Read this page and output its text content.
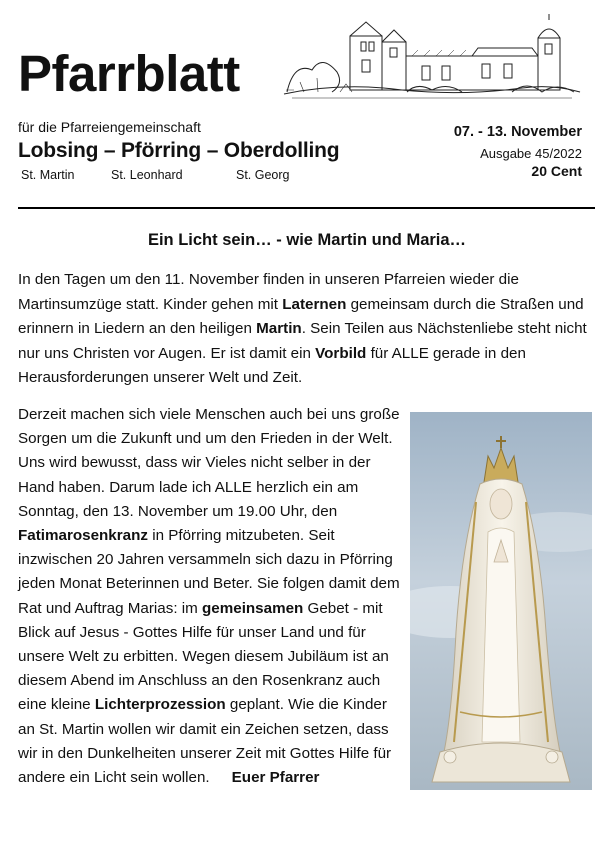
Pfarrblatt
für die Pfarreiengemeinschaft
Lobsing – Pförring – Oberdolling
St. Martin	St. Leonhard	St. Georg
07. - 13. November
Ausgabe 45/2022
20 Cent
Ein Licht sein… - wie Martin und Maria…

In den Tagen um den 11. November finden in unseren Pfarreien wieder die Martinsumzüge statt. Kinder gehen mit Laternen gemeinsam durch die Straßen und erinnern in Liedern an den heiligen Martin. Sein Teilen aus Nächstenliebe steht nicht nur uns Christen vor Augen. Er ist damit ein Vorbild für ALLE gerade in den Herausforderungen unserer Welt und Zeit.

Derzeit machen sich viele Menschen auch bei uns große Sorgen um die Zukunft und um den Frieden in der Welt. Uns wird bewusst, dass wir Vieles nicht selber in der Hand haben. Darum lade ich ALLE herzlich ein am Sonntag, den 13. November um 19.00 Uhr, den Fatimarosenkranz in Pförring mitzubeten. Seit inzwischen 20 Jahren versammeln sich dazu in Pförring jeden Monat Beterinnen und Beter. Sie folgen damit dem Rat und Auftrag Marias: im gemeinsamen Gebet - mit Blick auf Jesus - Gottes Hilfe für unser Land und für unsere Welt zu erbitten. Wegen diesem Jubiläum ist an diesem Abend im Anschluss an den Rosenkranz auch eine kleine Lichterprozession geplant. Wie die Kinder an St. Martin wollen wir damit ein Zeichen setzen, dass wir in den Dunkelheiten unserer Zeit mit Gottes Hilfe für andere ein Licht sein wollen. Euer Pfarrer
